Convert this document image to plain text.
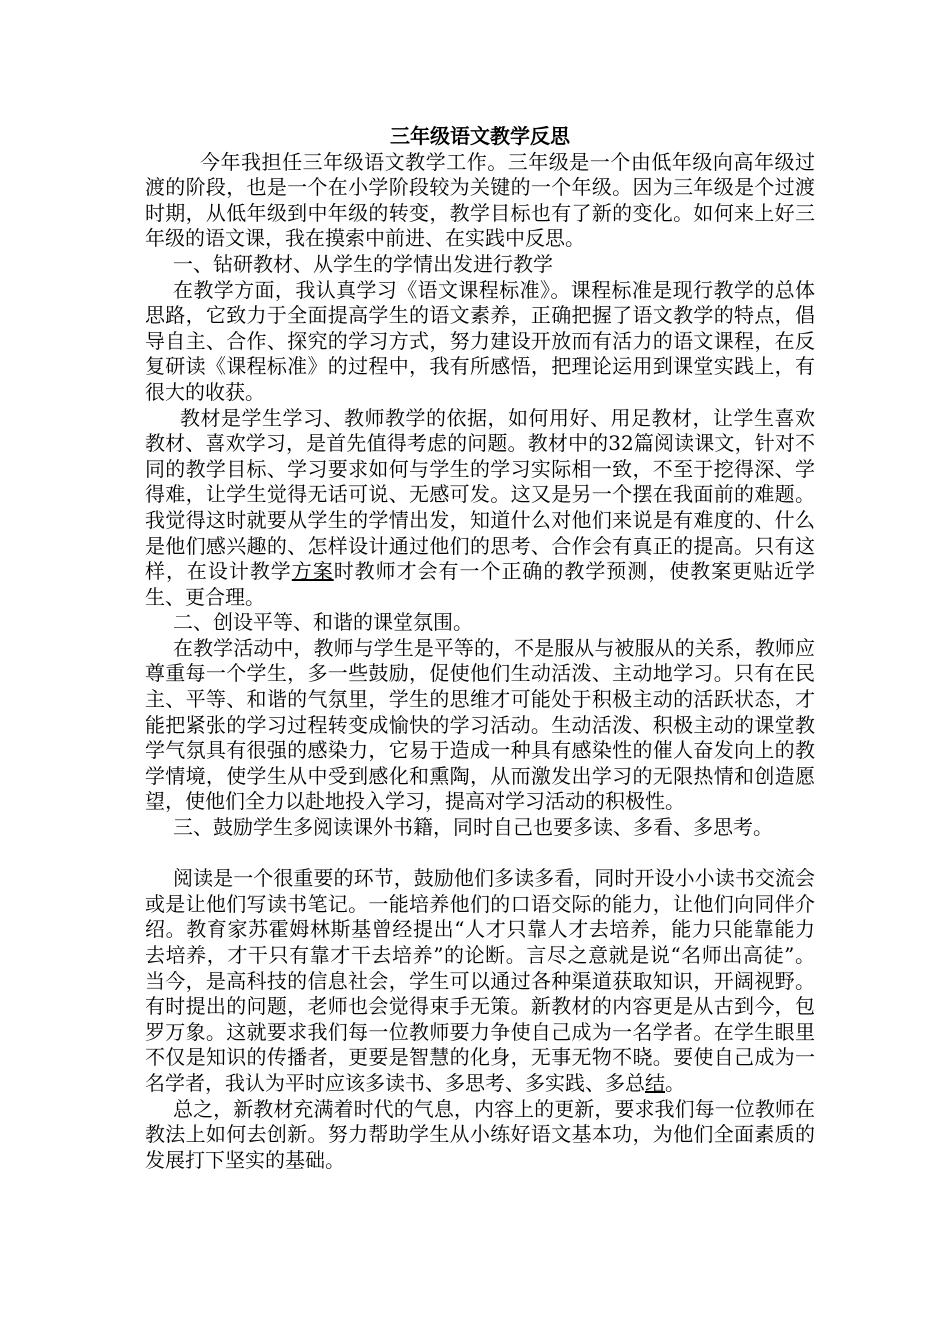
三年级语文教学反思

今年我担任三年级语文教学工作。三年级是一个由低年级向高年级过渡的阶段，也是一个在小学阶段较为关键的一个年级。因为三年级是个过渡时期，从低年级到中年级的转变，教学目标也有了新的变化。如何来上好三年级的语文课，我在摸索中前进、在实践中反思。

一、钻研教材、从学生的学情出发进行教学

在教学方面，我认真学习《语文课程标准》。课程标准是现行教学的总体思路，它致力于全面提高学生的语文素养，正确把握了语文教学的特点，倡导自主、合作、探究的学习方式，努力建设开放而有活力的语文课程，在反复研读《课程标准》的过程中，我有所感悟，把理论运用到课堂实践上，有很大的收获。

教材是学生学习、教师教学的依据，如何用好、用足教材，让学生喜欢教材、喜欢学习，是首先值得考虑的问题。教材中的32篇阅读课文，针对不同的教学目标、学习要求如何与学生的学习实际相一致，不至于挖得深、学得难，让学生觉得无话可说、无感可发。这又是另一个摆在我面前的难题。我觉得这时就要从学生的学情出发，知道什么对他们来说是有难度的、什么是他们感兴趣的、怎样设计通过他们的思考、合作会有真正的提高。只有这样，在设计教学方案时教师才会有一个正确的教学预测，使教案更贴近学生、更合理。

二、创设平等、和谐的课堂氛围。

在教学活动中，教师与学生是平等的，不是服从与被服从的关系，教师应尊重每一个学生，多一些鼓励，促使他们生动活泼、主动地学习。只有在民主、平等、和谐的气氛里，学生的思维才可能处于积极主动的活跃状态，才能把紧张的学习过程转变成愉快的学习活动。生动活泼、积极主动的课堂教学气氛具有很强的感染力，它易于造成一种具有感染性的催人奋发向上的教学情境，使学生从中受到感化和熏陶，从而激发出学习的无限热情和创造愿望，使他们全力以赴地投入学习，提高对学习活动的积极性。

三、鼓励学生多阅读课外书籍，同时自己也要多读、多看、多思考。

阅读是一个很重要的环节，鼓励他们多读多看，同时开设小小读书交流会或是让他们写读书笔记。一能培养他们的口语交际的能力，让他们向同伴介绍。教育家苏霍姆林斯基曾经提出“人才只靠人才去培养，能力只能靠能力去培养，才干只有靠才干去培养”的论断。言尽之意就是说“名师出高徒”。当今，是高科技的信息社会，学生可以通过各种渠道获取知识，开阔视野。有时提出的问题，老师也会觉得束手无策。新教材的内容更是从古到今，包罗万象。这就要求我们每一位教师要力争使自己成为一名学者。在学生眼里不仅是知识的传播者，更要是智慧的化身，无事无物不晓。要使自己成为一名学者，我认为平时应该多读书、多思考、多实践、多总结。

总之，新教材充满着时代的气息，内容上的更新，要求我们每一位教师在教法上如何去创新。努力帮助学生从小练好语文基本功，为他们全面素质的发展打下坚实的基础。
